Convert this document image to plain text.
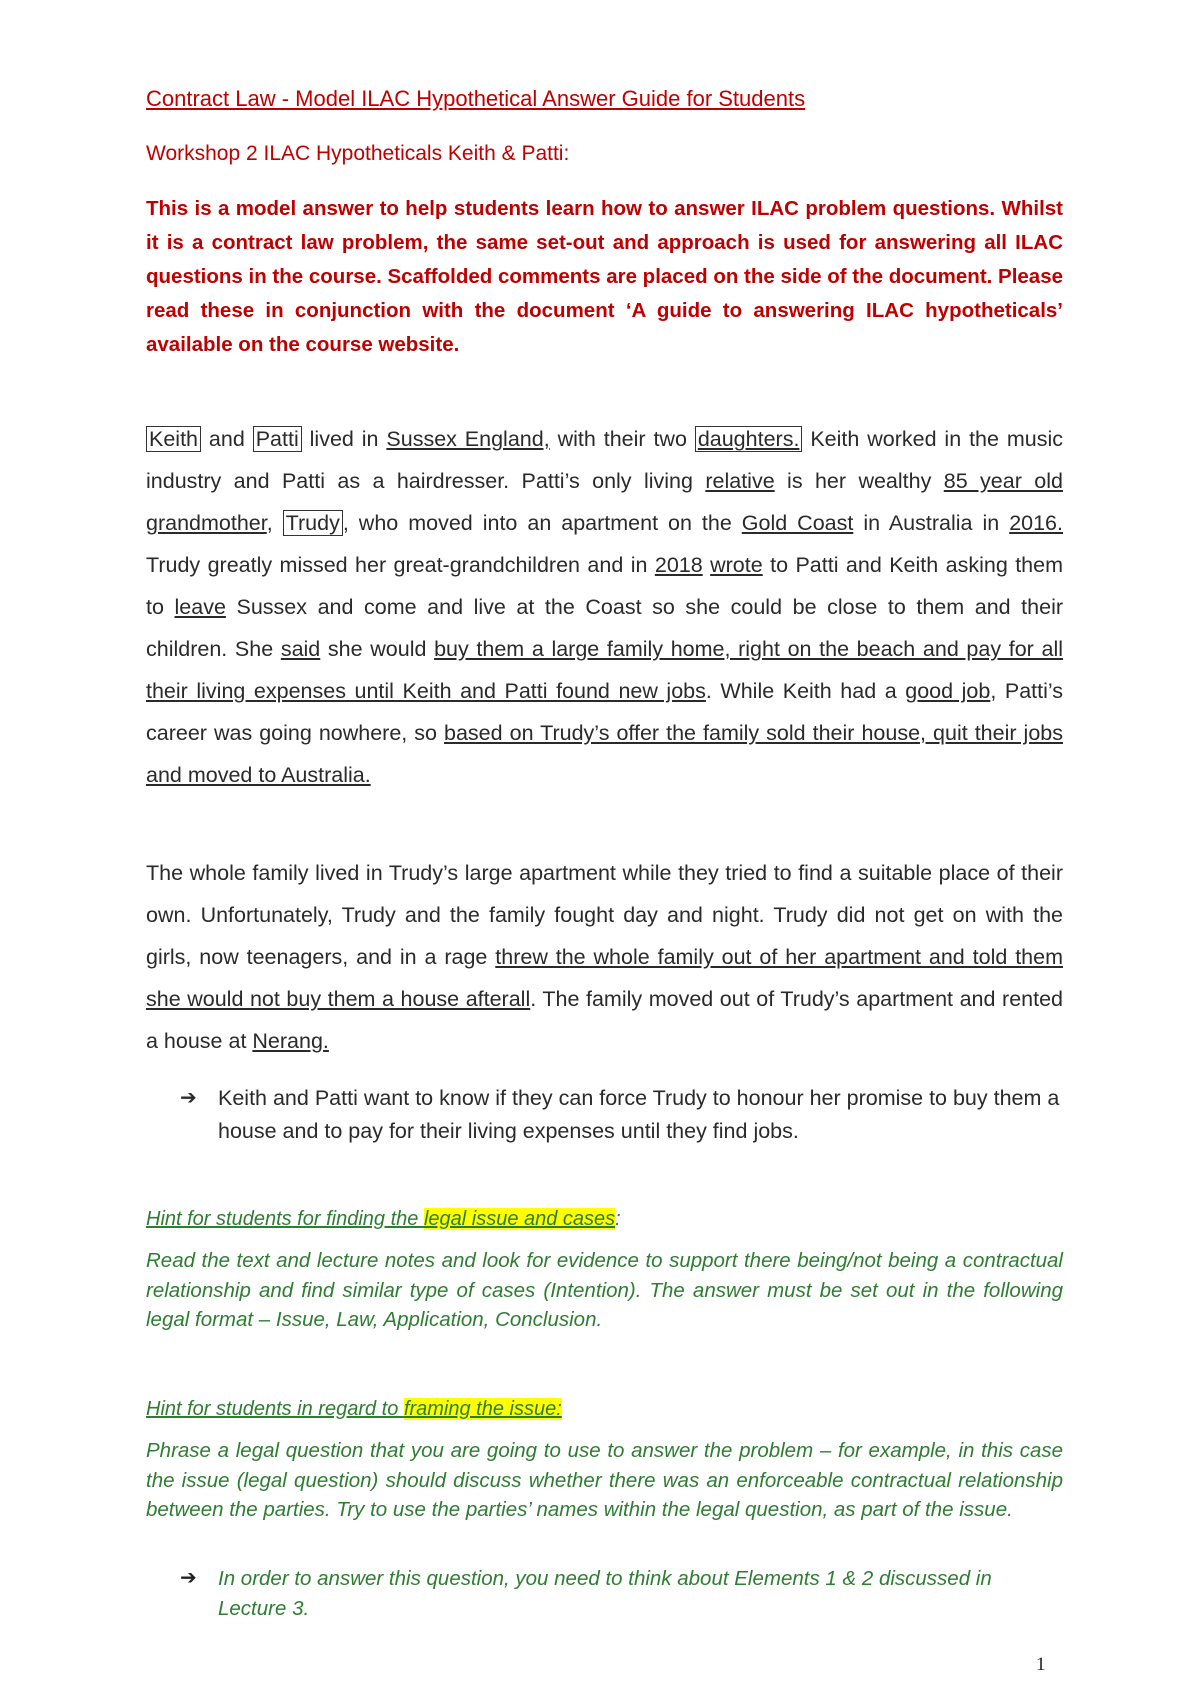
Contract Law - Model ILAC Hypothetical Answer Guide for Students
Workshop 2 ILAC Hypotheticals Keith & Patti:
This is a model answer to help students learn how to answer ILAC problem questions. Whilst it is a contract law problem, the same set-out and approach is used for answering all ILAC questions in the course. Scaffolded comments are placed on the side of the document. Please read these in conjunction with the document ‘A guide to answering ILAC hypotheticals’ available on the course website.
Keith and Patti lived in Sussex England, with their two daughters. Keith worked in the music industry and Patti as a hairdresser. Patti’s only living relative is her wealthy 85 year old grandmother, Trudy , who moved into an apartment on the Gold Coast in Australia in 2016. Trudy greatly missed her great-grandchildren and in 2018 wrote to Patti and Keith asking them to leave Sussex and come and live at the Coast so she could be close to them and their children. She said she would buy them a large family home, right on the beach and pay for all their living expenses until Keith and Patti found new jobs. While Keith had a good job, Patti’s career was going nowhere, so based on Trudy’s offer the family sold their house, quit their jobs and moved to Australia.
The whole family lived in Trudy’s large apartment while they tried to find a suitable place of their own. Unfortunately, Trudy and the family fought day and night. Trudy did not get on with the girls, now teenagers, and in a rage threw the whole family out of her apartment and told them she would not buy them a house afterall. The family moved out of Trudy’s apartment and rented a house at Nerang.
➔ Keith and Patti want to know if they can force Trudy to honour her promise to buy them a house and to pay for their living expenses until they find jobs.
Hint for students for finding the legal issue and cases:
Read the text and lecture notes and look for evidence to support there being/not being a contractual relationship and find similar type of cases (Intention). The answer must be set out in the following legal format – Issue, Law, Application, Conclusion.
Hint for students in regard to framing the issue:
Phrase a legal question that you are going to use to answer the problem – for example, in this case the issue (legal question) should discuss whether there was an enforceable contractual relationship between the parties. Try to use the parties’ names within the legal question, as part of the issue.
➔	In order to answer this question, you need to think about Elements 1 & 2 discussed in Lecture 3.
1
